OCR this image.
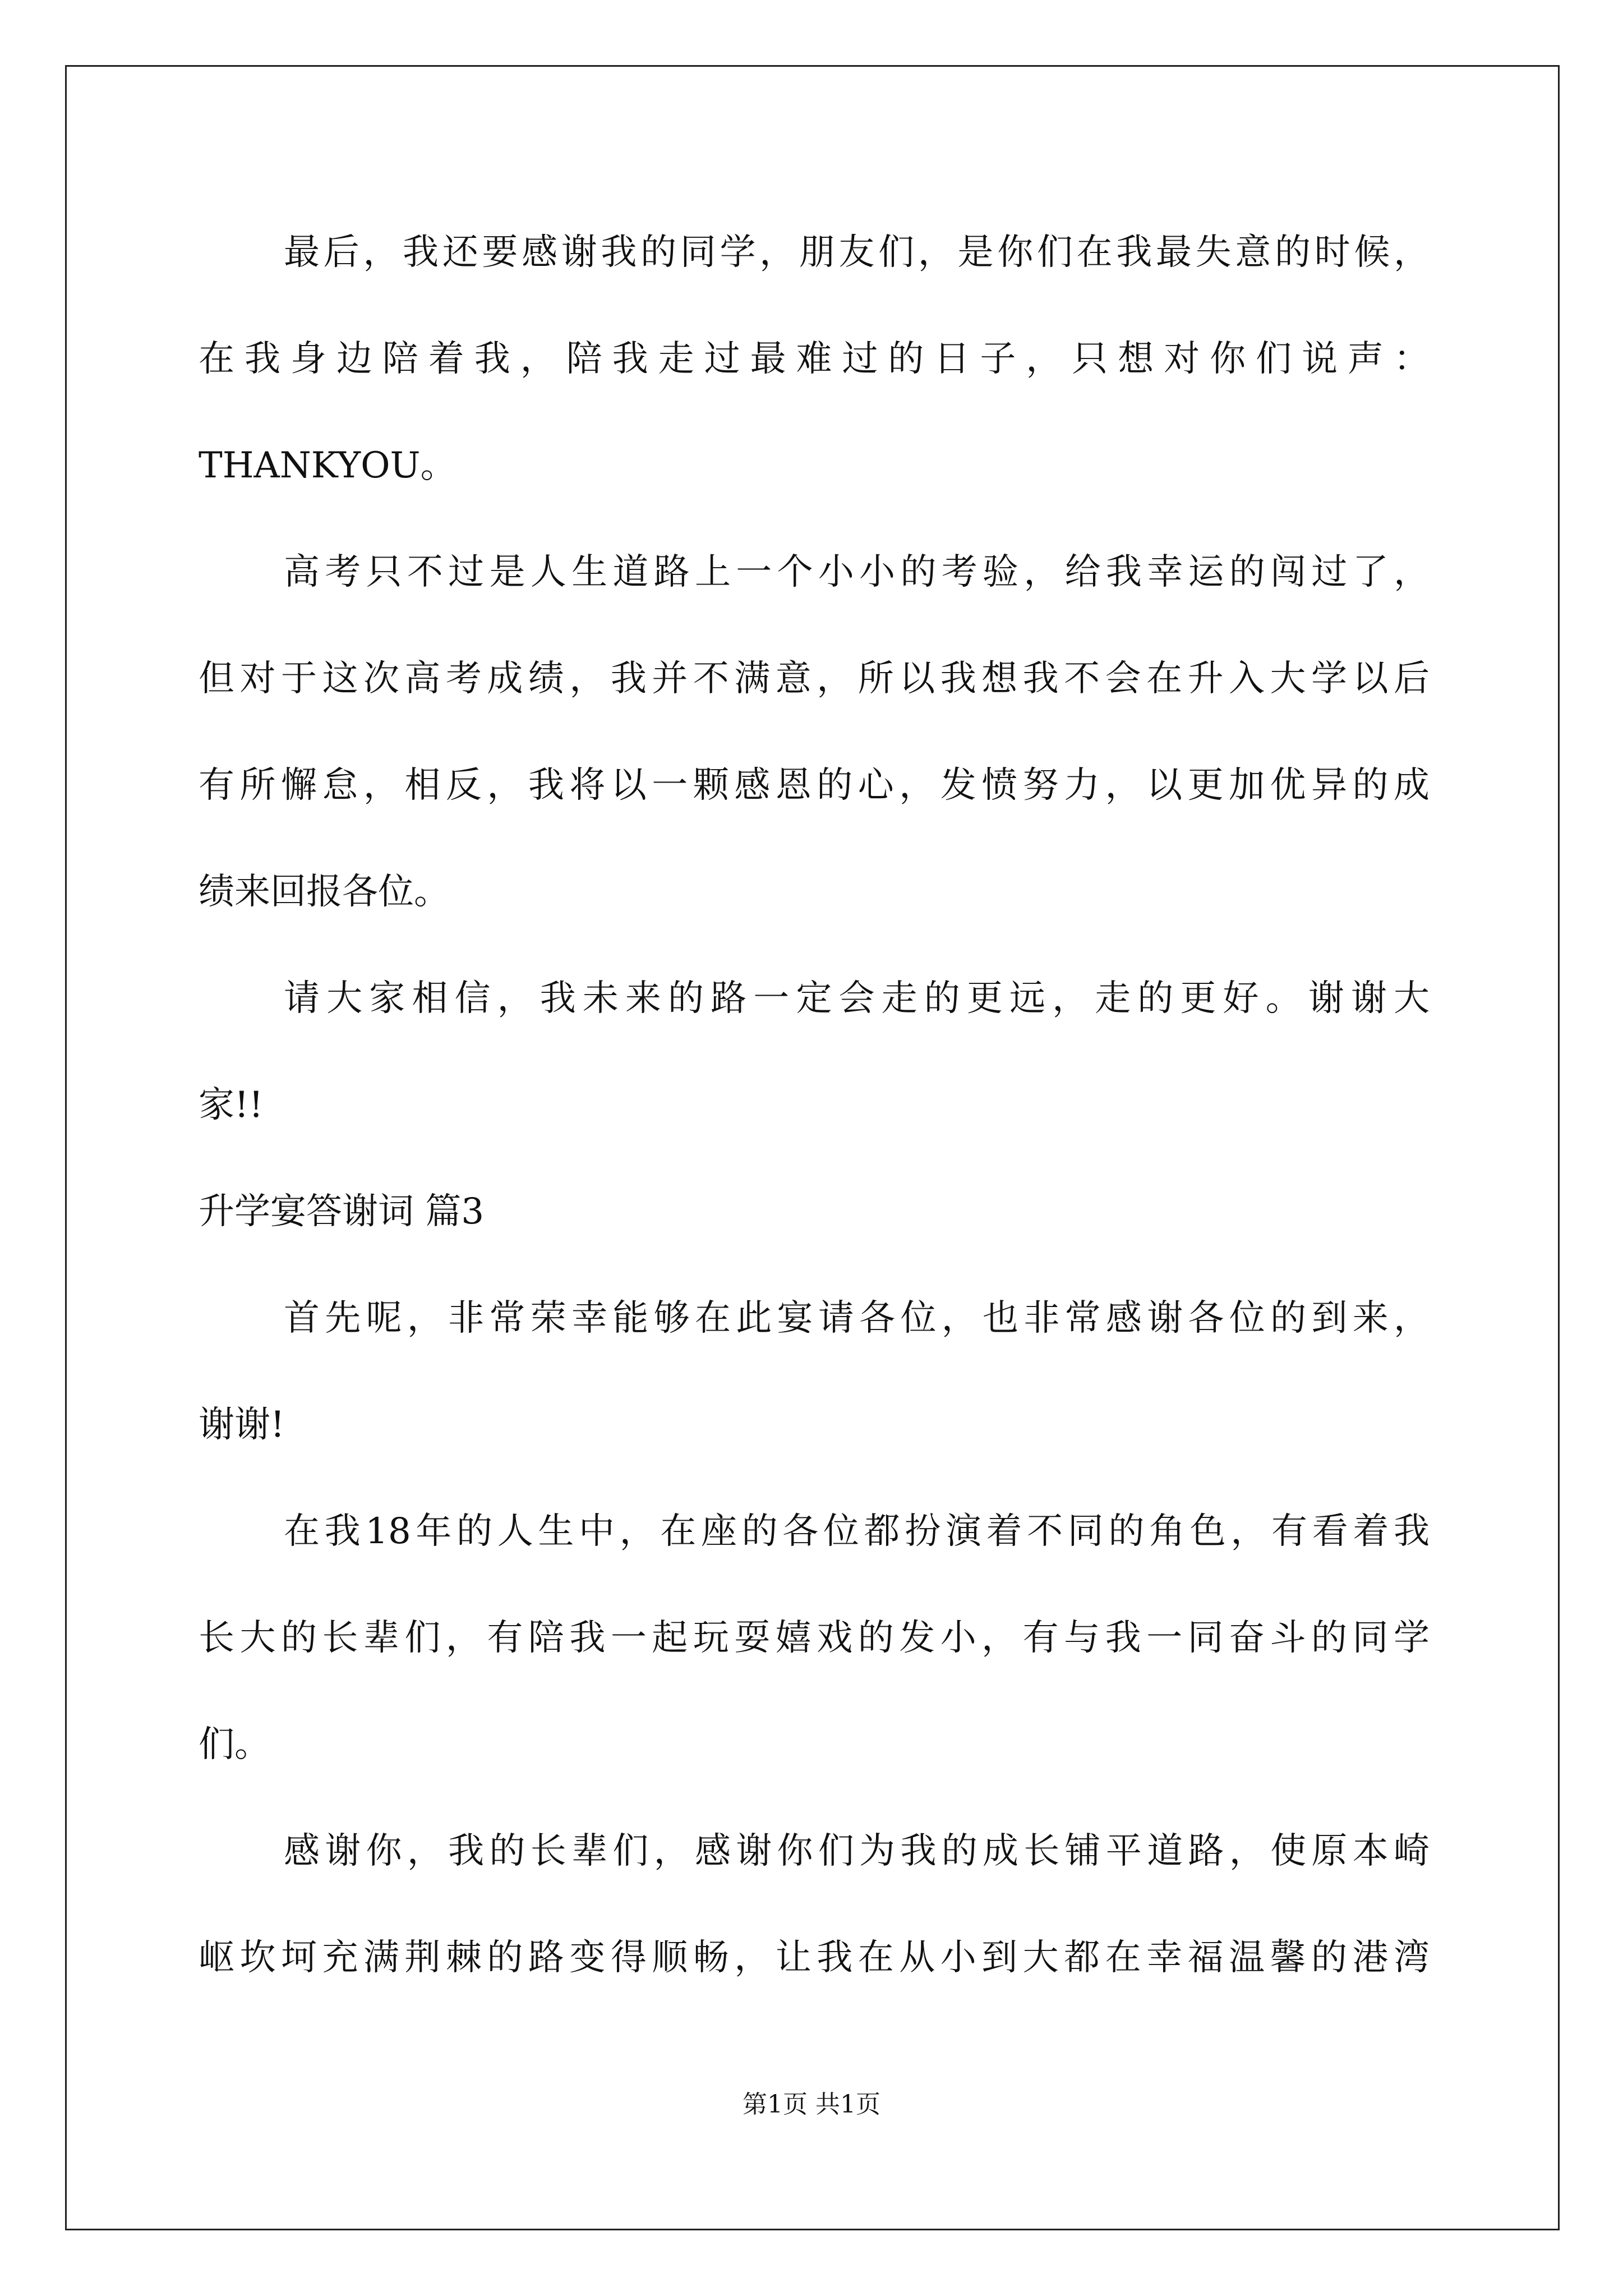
最后，我还要感谢我的同学，朋友们，是你们在我最失意的时候，
在我身边陪着我，陪我走过最难过的日子，只想对你们说声：
THANKYOU。
高考只不过是人生道路上一个小小的考验，给我幸运的闯过了，
但对于这次高考成绩，我并不满意，所以我想我不会在升入大学以后
有所懈怠，相反，我将以一颗感恩的心，发愤努力，以更加优异的成
绩来回报各位。
请大家相信，我未来的路一定会走的更远，走的更好。谢谢大
家!!
升学宴答谢词 篇3
首先呢，非常荣幸能够在此宴请各位，也非常感谢各位的到来，
谢谢!
在我18年的人生中，在座的各位都扮演着不同的角色，有看着我
长大的长辈们，有陪我一起玩耍嬉戏的发小，有与我一同奋斗的同学
们。
感谢你，我的长辈们，感谢你们为我的成长铺平道路，使原本崎
岖坎坷充满荆棘的路变得顺畅，让我在从小到大都在幸福温馨的港湾
第1页 共1页
